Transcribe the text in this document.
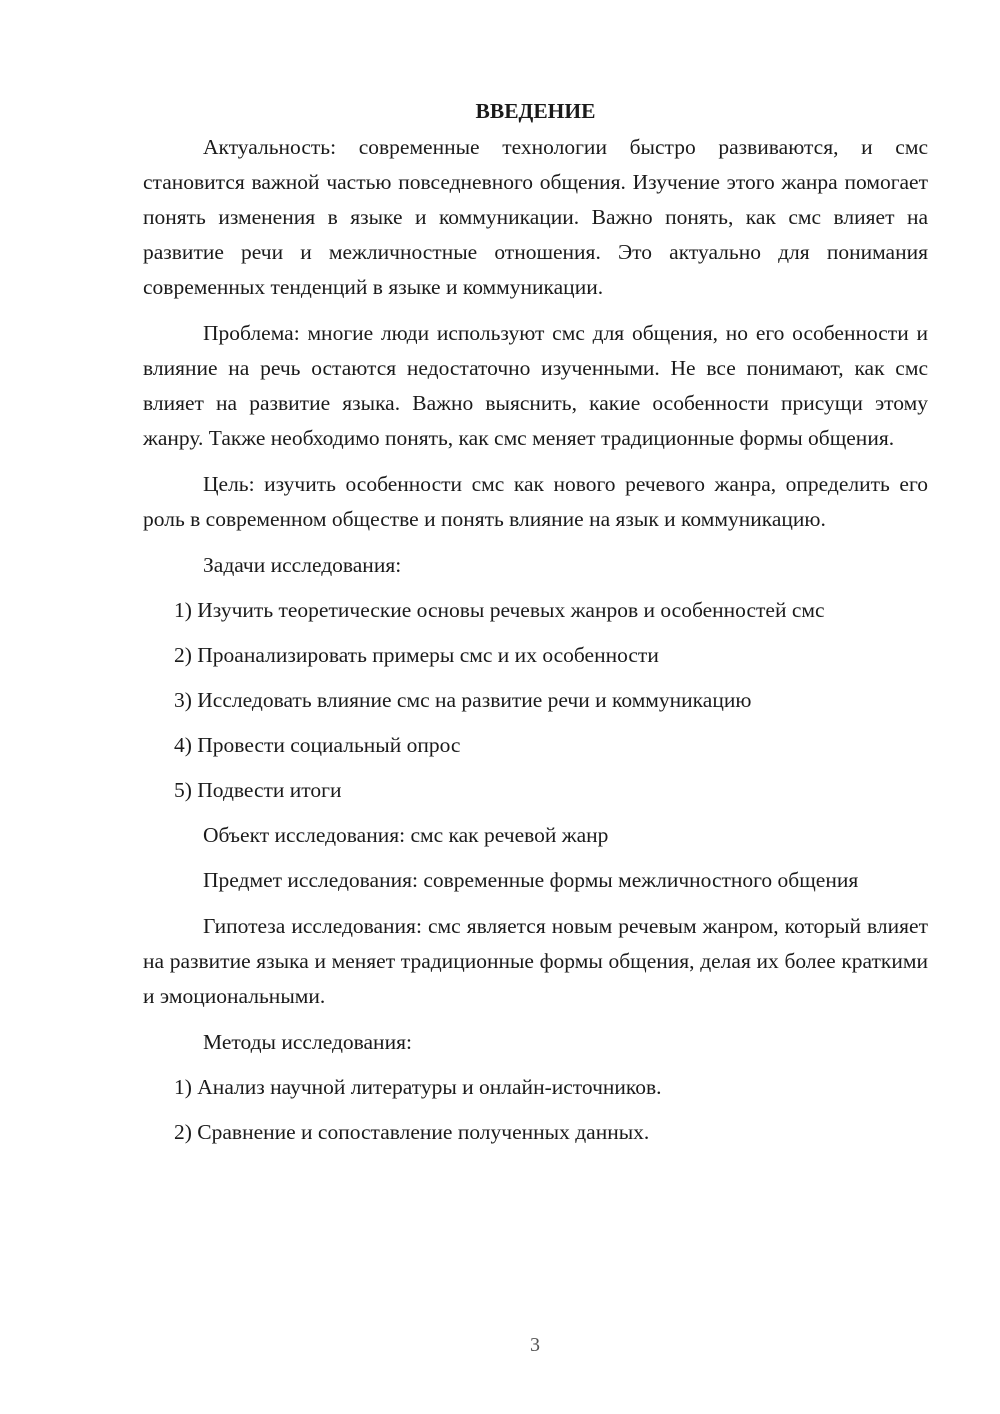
ВВЕДЕНИЕ

Актуальность: современные технологии быстро развиваются, и смс становится важной частью повседневного общения. Изучение этого жанра помогает понять изменения в языке и коммуникации. Важно понять, как смс влияет на развитие речи и межличностные отношения. Это актуально для понимания современных тенденций в языке и коммуникации.

Проблема: многие люди используют смс для общения, но его особенности и влияние на речь остаются недостаточно изученными. Не все понимают, как смс влияет на развитие языка. Важно выяснить, какие особенности присущи этому жанру. Также необходимо понять, как смс меняет традиционные формы общения.

Цель: изучить особенности смс как нового речевого жанра, определить его роль в современном обществе и понять влияние на язык и коммуникацию.

Задачи исследования:
1) Изучить теоретические основы речевых жанров и особенностей смс
2) Проанализировать примеры смс и их особенности
3) Исследовать влияние смс на развитие речи и коммуникацию
4) Провести социальный опрос
5) Подвести итоги
Объект исследования: смс как речевой жанр

Предмет исследования: современные формы межличностного общения

Гипотеза исследования: смс является новым речевым жанром, который влияет на развитие языка и меняет традиционные формы общения, делая их более краткими и эмоциональными.

Методы исследования:
1) Анализ научной литературы и онлайн-источников.
2) Сравнение и сопоставление полученных данных.
3
